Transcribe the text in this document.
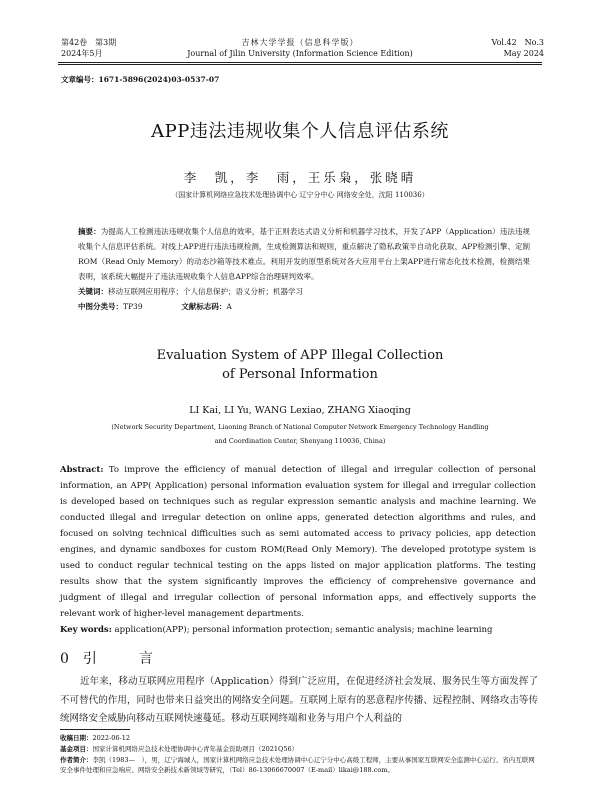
第42卷　第3期
2024年5月
吉林大学学报（信息科学版）
Journal of Jilin University (Information Science Edition)
Vol.42　No.3
May 2024
文章编号：1671-5896(2024)03-0537-07
APP违法违规收集个人信息评估系统
李　凯，李　雨，王乐枭，张晓晴
（国家计算机网络应急技术处理协调中心 辽宁分中心 网络安全处，沈阳 110036）
摘要：为提高人工检测违法违规收集个人信息的效率，基于正则表达式语义分析和机器学习技术，开发了APP（Application）违法违规收集个人信息评估系统。对线上APP进行违法违规检测，生成检测算法和规则，重点解决了隐私政策半自动化获取、APP检测引擎、定制ROM（Read Only Memory）的动态沙箱等技术难点。利用开发的原型系统对各大应用平台上架APP进行常态化技术检测，检测结果表明，该系统大幅提升了违法违规收集个人信息APP综合治理研判效率。
关键词：移动互联网应用程序；个人信息保护；语义分析；机器学习
中图分类号：TP39	文献标志码：A
Evaluation System of APP Illegal Collection
of Personal Information
LI Kai, LI Yu, WANG Lexiao, ZHANG Xiaoqing
(Network Security Department, Liaoning Branch of National Computer Network Emergency Technology Handling
and Coordination Center, Shenyang 110036, China)
Abstract: To improve the efficiency of manual detection of illegal and irregular collection of personal information, an APP( Application) personal information evaluation system for illegal and irregular collection is developed based on techniques such as regular expression semantic analysis and machine learning. We conducted illegal and irregular detection on online apps, generated detection algorithms and rules, and focused on solving technical difficulties such as semi automated access to privacy policies, app detection engines, and dynamic sandboxes for custom ROM(Read Only Memory). The developed prototype system is used to conduct regular technical testing on the apps listed on major application platforms. The testing results show that the system significantly improves the efficiency of comprehensive governance and judgment of illegal and irregular collection of personal information apps, and effectively supports the relevant work of higher-level management departments.
Key words: application(APP); personal information protection; semantic analysis; machine learning
0引　言
近年来，移动互联网应用程序（Application）得到广泛应用，在促进经济社会发展、服务民生等方面发挥了不可替代的作用，同时也带来日益突出的网络安全问题。互联网上原有的恶意程序传播、远程控制、网络攻击等传统网络安全威胁向移动互联网快速蔓延。移动互联网终端和业务与用户个人利益的
收稿日期：2022-06-12
基金项目：国家计算机网络应急技术处理协调中心青年基金资助项目（2021Q56）
作者简介：李凯（1983—　），男，辽宁海城人，国家计算机网络应急技术处理协调中心辽宁分中心高级工程师，主要从事国家互联网安全监测中心运行、省内互联网安全事件处理和应急响应、网络安全新技术新领域等研究，（Tel）86-13066670007（E-mail）likai@188.com。
